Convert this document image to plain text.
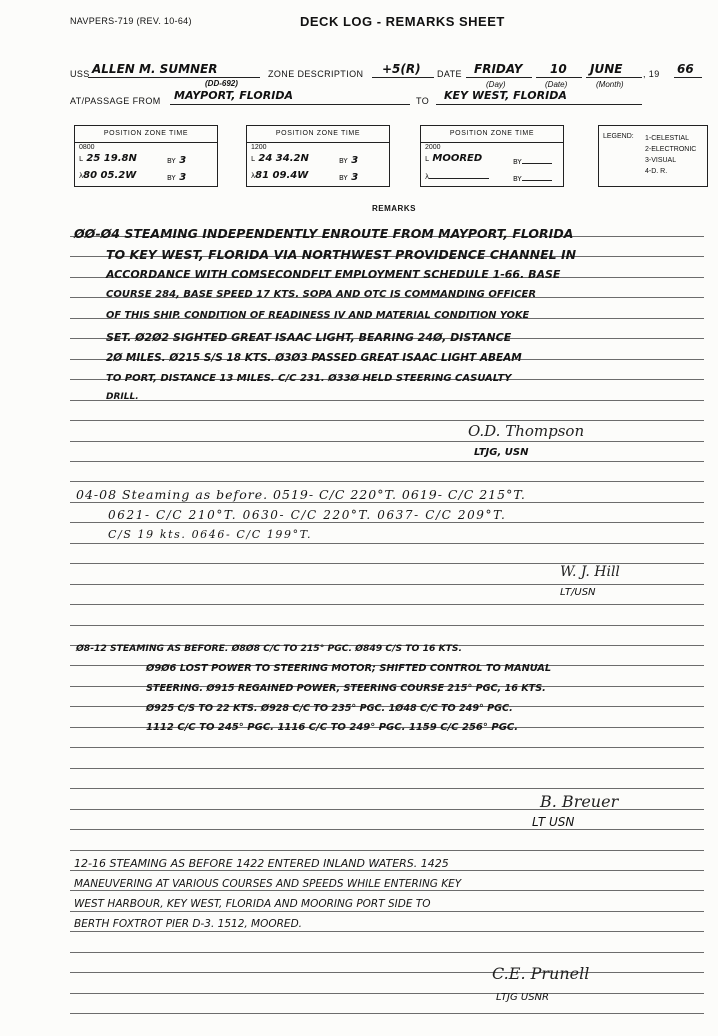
NAVPERS-719 (REV. 10-64)	DECK LOG - REMARKS SHEET
USS ALLEN M. SUMNER
(DD-692)
ZONE DESCRIPTION +5(R) DATE FRIDAY 10 JUNE , 19 66
(Day)	(Date)	(Month)
AT/PASSAGE FROM MAYPORT, FLORIDA	TO KEY WEST, FLORIDA
POSITION ZONE TIME
0800
L 25 19.8N	BY 3
λ80 05.2W	BY 3
POSITION ZONE TIME
1200
L 24 34.2N	BY 3
λ81 09.4W	BY 3
POSITION ZONE TIME
2000
L MOORED	BY
λ	BY
LEGEND: 1-CELESTIAL
2-ELECTRONIC
3-VISUAL
4-D. R.
REMARKS
ØØ-Ø4 STEAMING INDEPENDENTLY ENROUTE FROM MAYPORT, FLORIDA
TO KEY WEST, FLORIDA VIA NORTHWEST PROVIDENCE CHANNEL IN
ACCORDANCE WITH COMSECONDFLT EMPLOYMENT SCHEDULE 1-66. BASE
COURSE 284, BASE SPEED 17 KTS. SOPA AND OTC IS COMMANDING OFFICER
OF THIS SHIP. CONDITION OF READINESS IV AND MATERIAL CONDITION YOKE
SET. Ø2Ø2 SIGHTED GREAT ISAAC LIGHT, BEARING 24Ø, DISTANCE
2Ø MILES. Ø215 S/S 18 KTS. Ø3Ø3 PASSED GREAT ISAAC LIGHT ABEAM
TO PORT, DISTANCE 13 MILES. C/C 231. Ø33Ø HELD STEERING CASUALTY
DRILL.
O.D. Thompson
LTJG, USN
04-08 Steaming as before. 0519- C/C 220°T. 0619- C/C 215°T.
0621- C/C 210°T. 0630- C/C 220°T. 0637- C/C 209°T.
C/S 19 kts. 0646- C/C 199°T.
W. J. Hill
LT/USN
Ø8-12 STEAMING AS BEFORE. Ø8Ø8 C/C TO 215° PGC. Ø849 C/S TO 16 KTS.
Ø9Ø6 LOST POWER TO STEERING MOTOR; SHIFTED CONTROL TO MANUAL
STEERING. Ø915 REGAINED POWER, STEERING COURSE 215° PGC, 16 KTS.
Ø925 C/S TO 22 KTS. Ø928 C/C TO 235° PGC. 1Ø48 C/C TO 249° PGC.
1112 C/C TO 245° PGC. 1116 C/C TO 249° PGC. 1159 C/C 256° PGC.
B. Breuer
LT USN
12-16 STEAMING AS BEFORE 1422 ENTERED INLAND WATERS. 1425
MANEUVERING AT VARIOUS COURSES AND SPEEDS WHILE ENTERING KEY
WEST HARBOUR, KEY WEST, FLORIDA AND MOORING PORT SIDE TO
BERTH FOXTROT PIER D-3. 1512, MOORED.
C.E. Prunell
LTJG USNR
